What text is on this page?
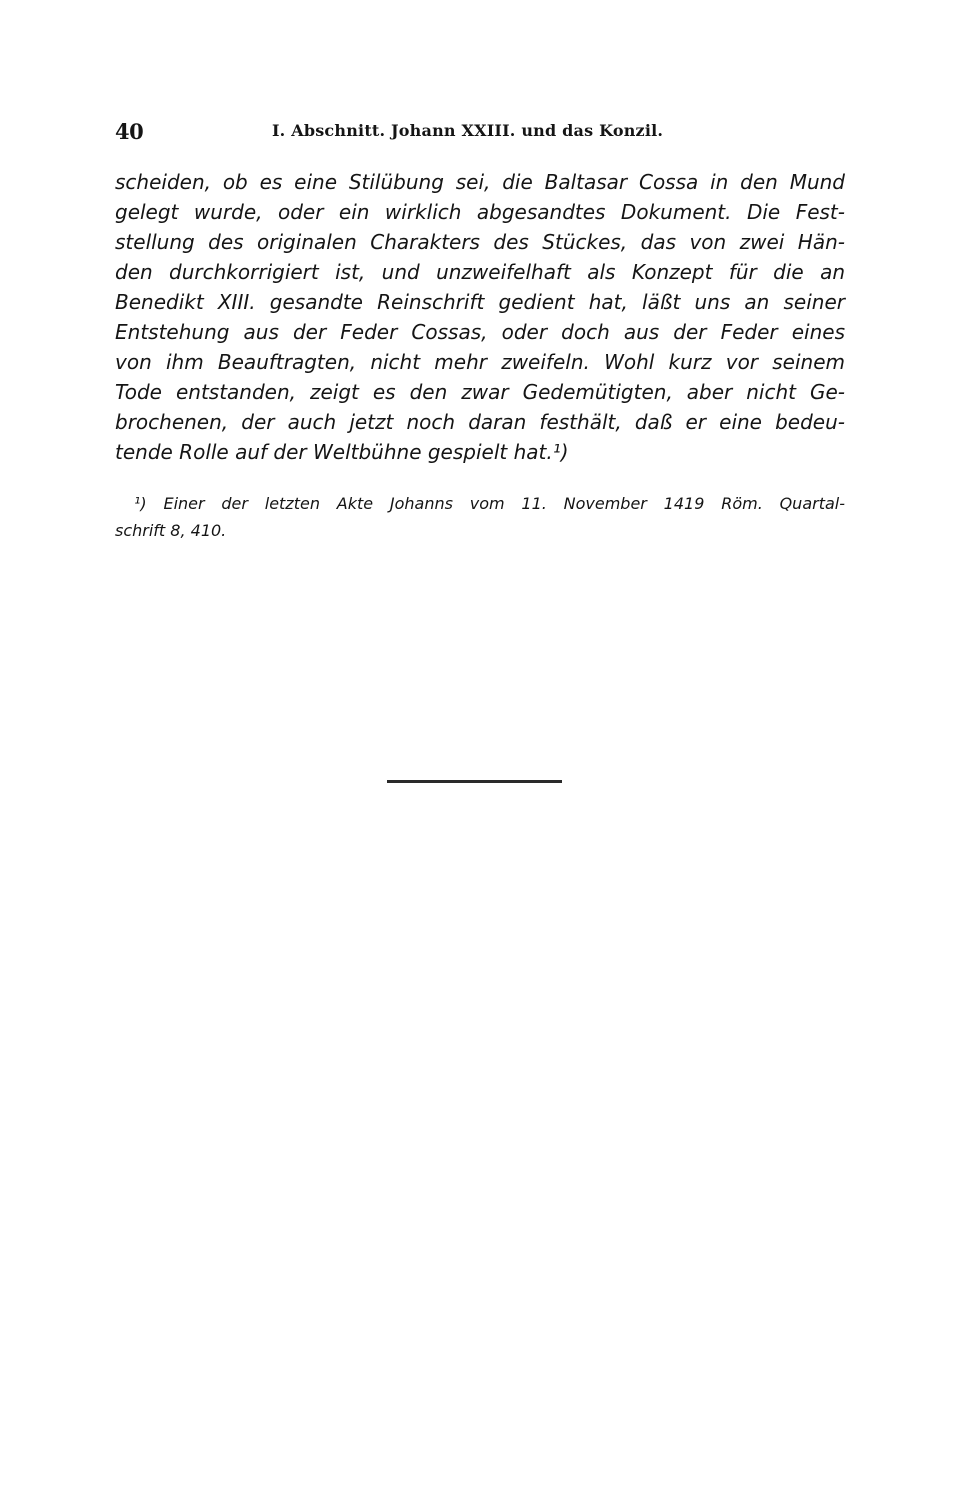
40	I. Abschnitt. Johann XXIII. und das Konzil.
scheiden, ob es eine Stilübung sei, die Baltasar Cossa in den Mund
gelegt wurde, oder ein wirklich abgesandtes Dokument. Die Fest-
stellung des originalen Charakters des Stückes, das von zwei Hän-
den durchkorrigiert ist, und unzweifelhaft als Konzept für die an
Benedikt XIII. gesandte Reinschrift gedient hat, läßt uns an seiner
Entstehung aus der Feder Cossas, oder doch aus der Feder eines
von ihm Beauftragten, nicht mehr zweifeln. Wohl kurz vor seinem
Tode entstanden, zeigt es den zwar Gedemütigten, aber nicht Ge-
brochenen, der auch jetzt noch daran festhält, daß er eine bedeu-
tende Rolle auf der Weltbühne gespielt hat.¹)
¹) Einer der letzten Akte Johanns vom 11. November 1419 Röm. Quartal-
schrift 8, 410.
